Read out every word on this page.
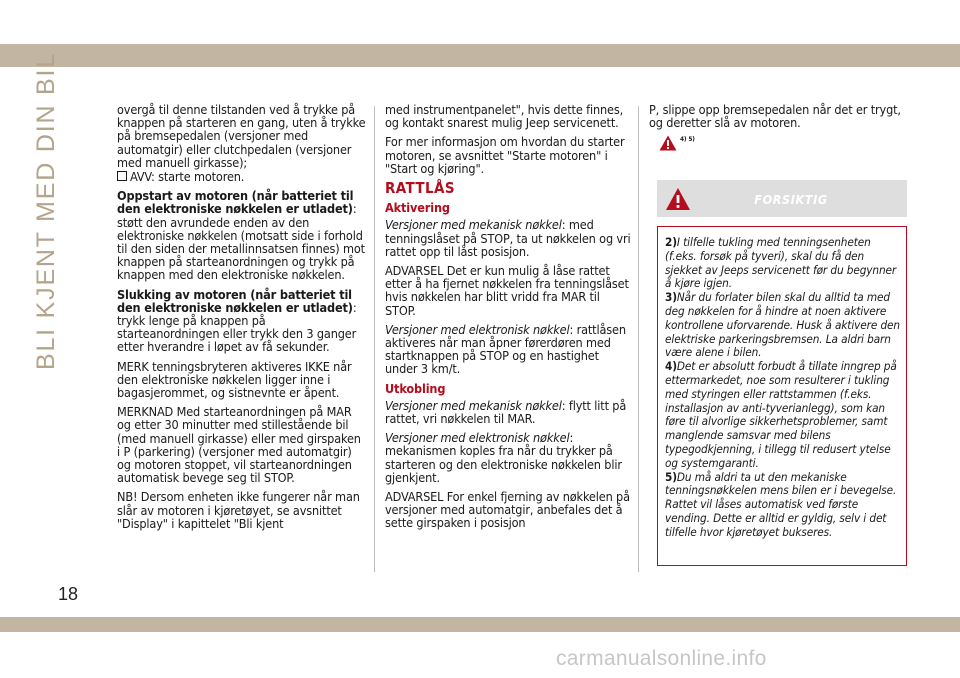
BLI KJENT MED DIN BIL	overgå til denne tilstanden ved å trykke på knappen på starteren en gang, uten å trykke på bremsepedalen (versjoner med automatgir) eller clutchpedalen (versjoner med manuell girkasse);

AVV: starte motoren.

Oppstart av motoren (når batteriet til den elektroniske nøkkelen er utladet): støtt den avrundede enden av den elektroniske nøkkelen (motsatt side i forhold til den siden der metallinnsatsen finnes) mot knappen på starteanordningen og trykk på knappen med den elektroniske nøkkelen.

Slukking av motoren (når batteriet til den elektroniske nøkkelen er utladet): trykk lenge på knappen på starteanordningen eller trykk den 3 ganger etter hverandre i løpet av få sekunder.

MERK tenningsbryteren aktiveres IKKE når den elektroniske nøkkelen ligger inne i bagasjerommet, og sistnevnte er åpent.

MERKNAD Med starteanordningen på MAR og etter 30 minutter med stillestående bil (med manuell girkasse) eller med girspaken i P (parkering) (versjoner med automatgir) og motoren stoppet, vil starteanordningen automatisk bevege seg til STOP.

NB! Dersom enheten ikke fungerer når man slår av motoren i kjøretøyet, se avsnittet "Display" i kapittelet "Bli kjent

med instrumentpanelet", hvis dette finnes, og kontakt snarest mulig Jeep servicenett.

For mer informasjon om hvordan du starter motoren, se avsnittet "Starte motoren" i "Start og kjøring".

RATTLÅS
Aktivering

Versjoner med mekanisk nøkkel: med tenningslåset på STOP, ta ut nøkkelen og vri rattet opp til låst posisjon.

ADVARSEL Det er kun mulig å låse rattet etter å ha fjernet nøkkelen fra tenningslåset hvis nøkkelen har blitt vridd fra MAR til STOP.

Versjoner med elektronisk nøkkel: rattlåsen aktiveres når man åpner førerdøren med startknappen på STOP og en hastighet under 3 km/t.

Utkobling

Versjoner med mekanisk nøkkel: flytt litt på rattet, vri nøkkelen til MAR.

Versjoner med elektronisk nøkkel: mekanismen koples fra når du trykker på starteren og den elektroniske nøkkelen blir gjenkjent.

ADVARSEL For enkel fjerning av nøkkelen på versjoner med automatgir, anbefales det å sette girspaken i posisjon

P, slippe opp bremsepedalen når det er trygt, og deretter slå av motoren.

4) 5)
FORSIKTIG

2)I tilfelle tukling med tenningsenheten (f.eks. forsøk på tyveri), skal du få den sjekket av Jeeps servicenett før du begynner å kjøre igjen.

3)Når du forlater bilen skal du alltid ta med deg nøkkelen for å hindre at noen aktivere kontrollene uforvarende. Husk å aktivere den elektriske parkeringsbremsen. La aldri barn være alene i bilen.

4)Det er absolutt forbudt å tillate inngrep på ettermarkedet, noe som resulterer i tukling med styringen eller rattstammen (f.eks. installasjon av anti-tyverianlegg), som kan føre til alvorlige sikkerhetsproblemer, samt manglende samsvar med bilens typegodkjenning, i tillegg til redusert ytelse og systemgaranti.

5)Du må aldri ta ut den mekaniske tenningsnøkkelen mens bilen er i bevegelse. Rattet vil låses automatisk ved første vending. Dette er alltid er gyldig, selv i det tilfelle hvor kjøretøyet bukseres.

18
carmanualsonline.info
